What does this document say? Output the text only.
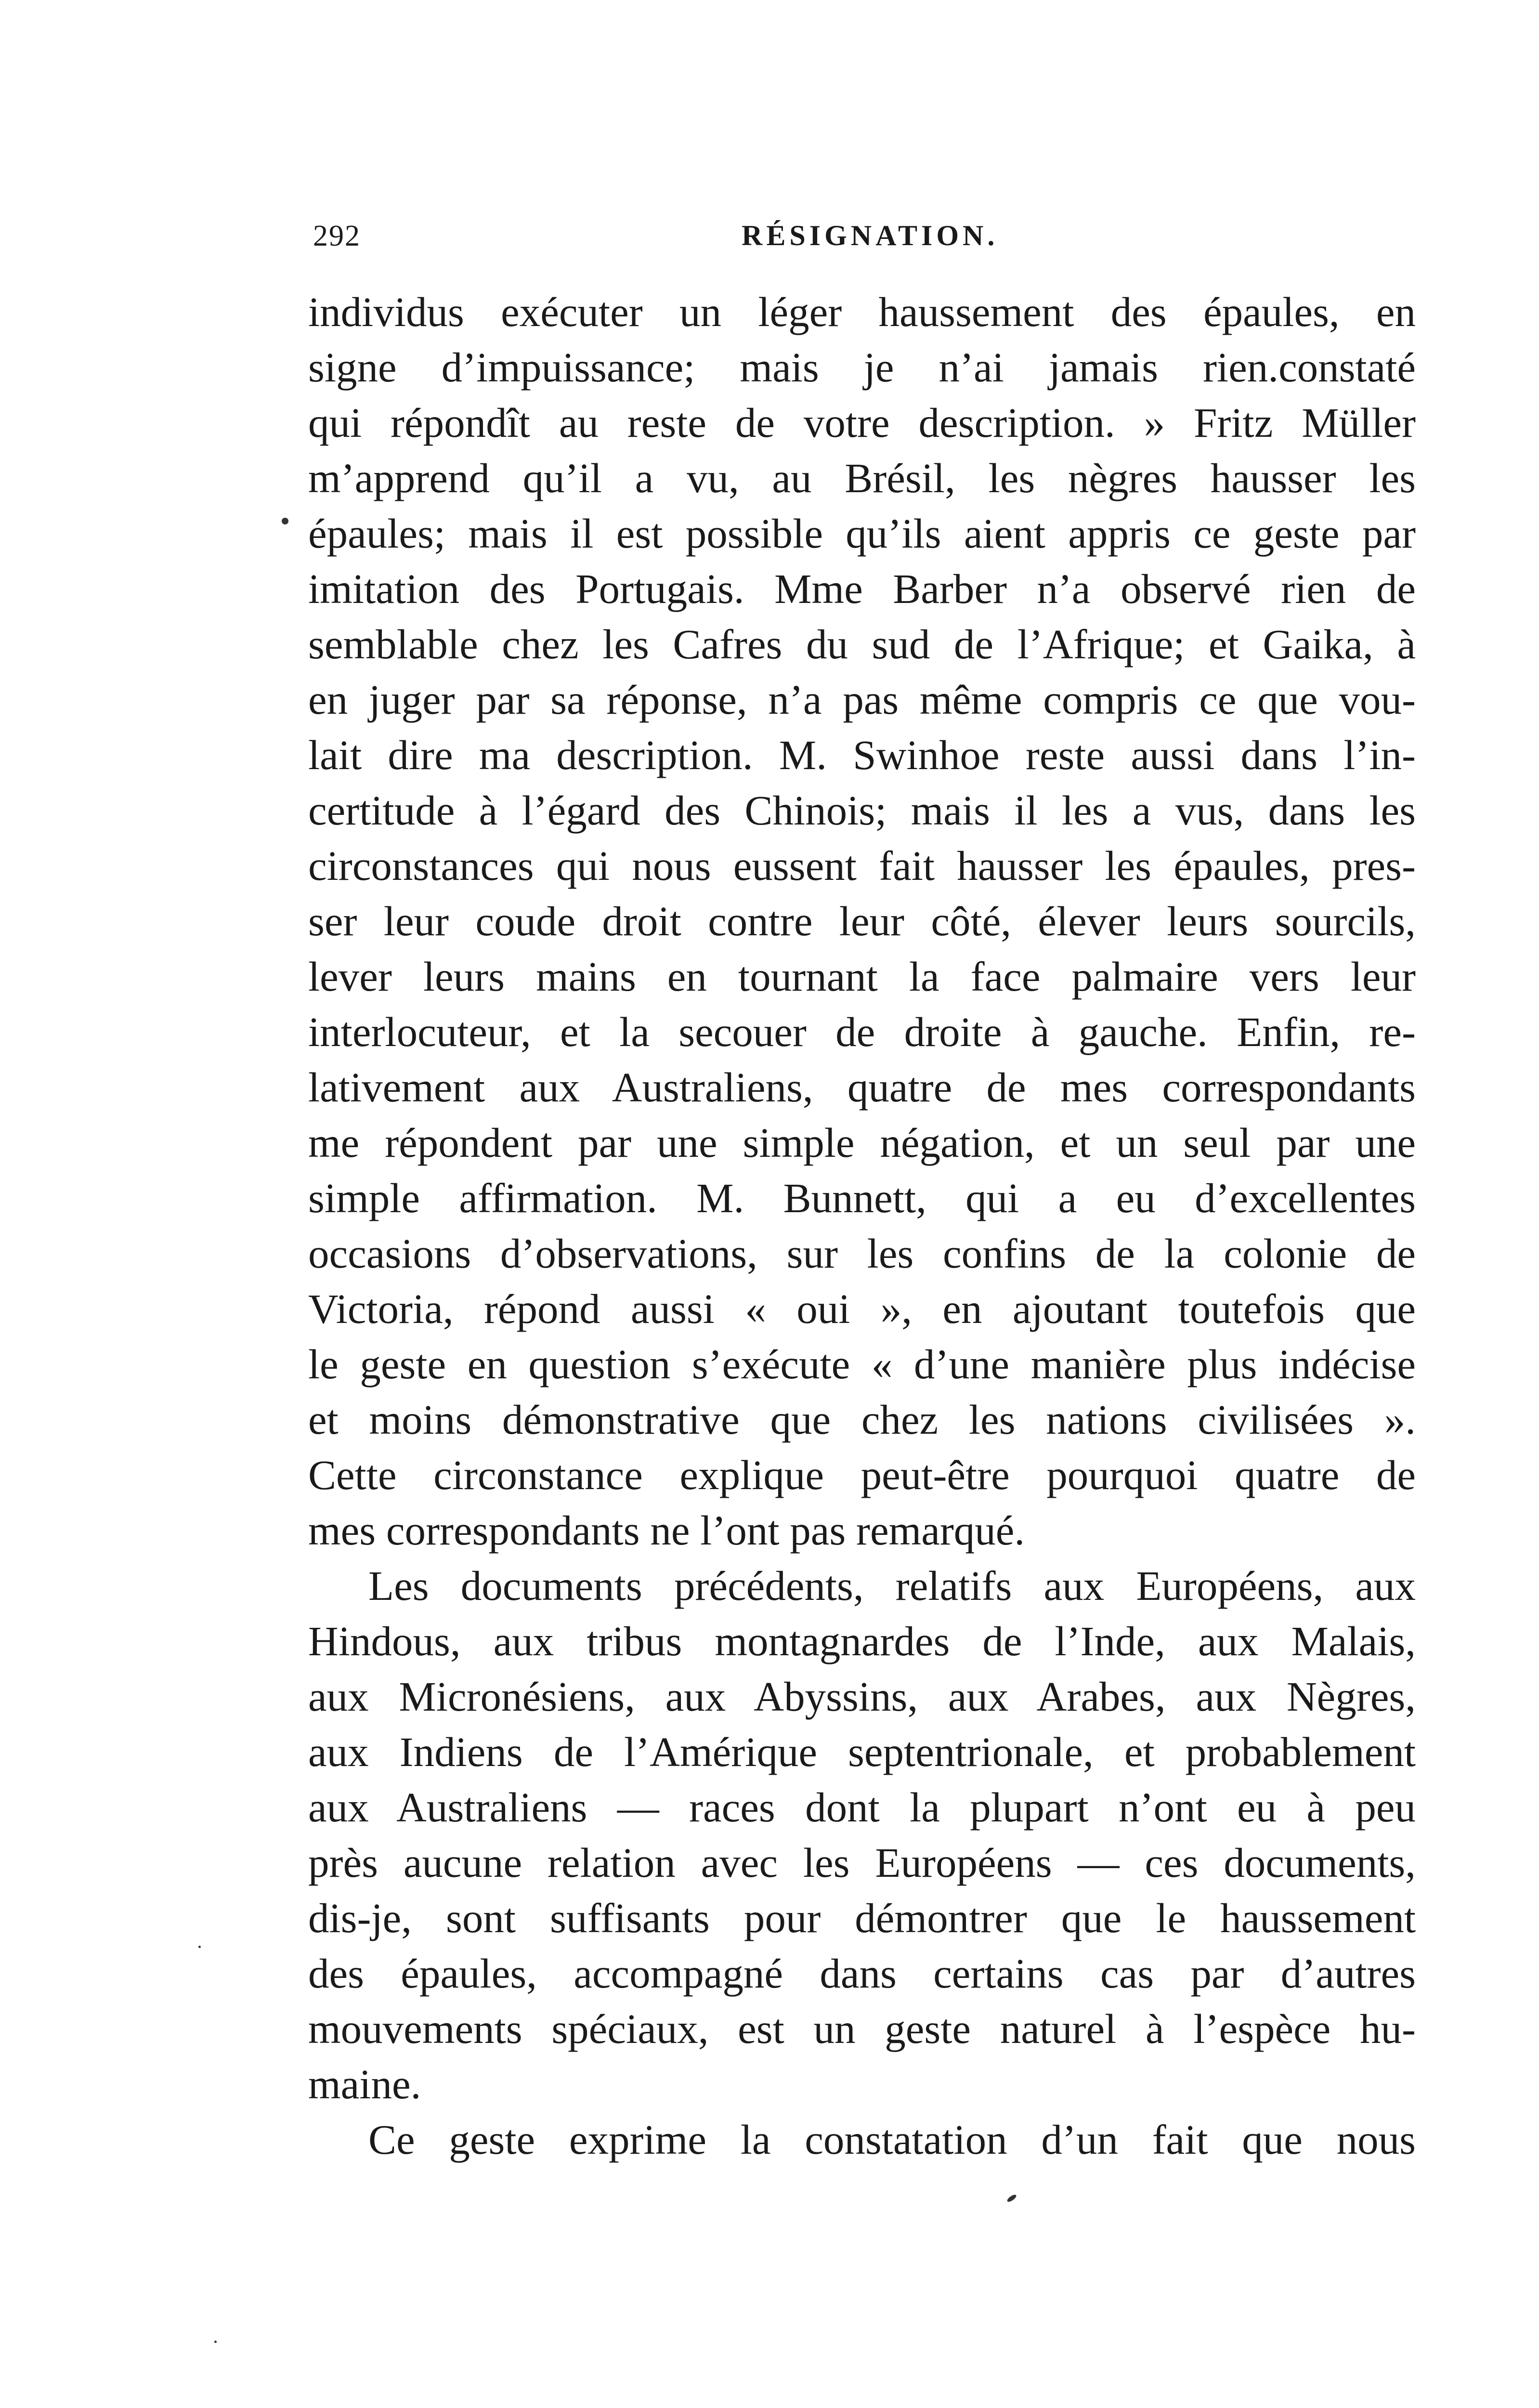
292	RÉSIGNATION.
individus exécuter un léger haussement des épaules, en
signe d’impuissance; mais je n’ai jamais rien.constaté
qui répondît au reste de votre description. » Fritz Müller
m’apprend qu’il a vu, au Brésil, les nègres hausser les
épaules; mais il est possible qu’ils aient appris ce geste par
imitation des Portugais. Mme Barber n’a observé rien de
semblable chez les Cafres du sud de l’Afrique; et Gaika, à
en juger par sa réponse, n’a pas même compris ce que vou-
lait dire ma description. M. Swinhoe reste aussi dans l’in-
certitude à l’égard des Chinois; mais il les a vus, dans les
circonstances qui nous eussent fait hausser les épaules, pres-
ser leur coude droit contre leur côté, élever leurs sourcils,
lever leurs mains en tournant la face palmaire vers leur
interlocuteur, et la secouer de droite à gauche. Enfin, re-
lativement aux Australiens, quatre de mes correspondants
me répondent par une simple négation, et un seul par une
simple affirmation. M. Bunnett, qui a eu d’excellentes
occasions d’observations, sur les confins de la colonie de
Victoria, répond aussi « oui », en ajoutant toutefois que
le geste en question s’exécute « d’une manière plus indécise
et moins démonstrative que chez les nations civilisées ».
Cette circonstance explique peut-être pourquoi quatre de
mes correspondants ne l’ont pas remarqué.
Les documents précédents, relatifs aux Européens, aux
Hindous, aux tribus montagnardes de l’Inde, aux Malais,
aux Micronésiens, aux Abyssins, aux Arabes, aux Nègres,
aux Indiens de l’Amérique septentrionale, et probablement
aux Australiens — races dont la plupart n’ont eu à peu
près aucune relation avec les Européens — ces documents,
dis-je, sont suffisants pour démontrer que le haussement
des épaules, accompagné dans certains cas par d’autres
mouvements spéciaux, est un geste naturel à l’espèce hu-
maine.
Ce geste exprime la constatation d’un fait que nous
